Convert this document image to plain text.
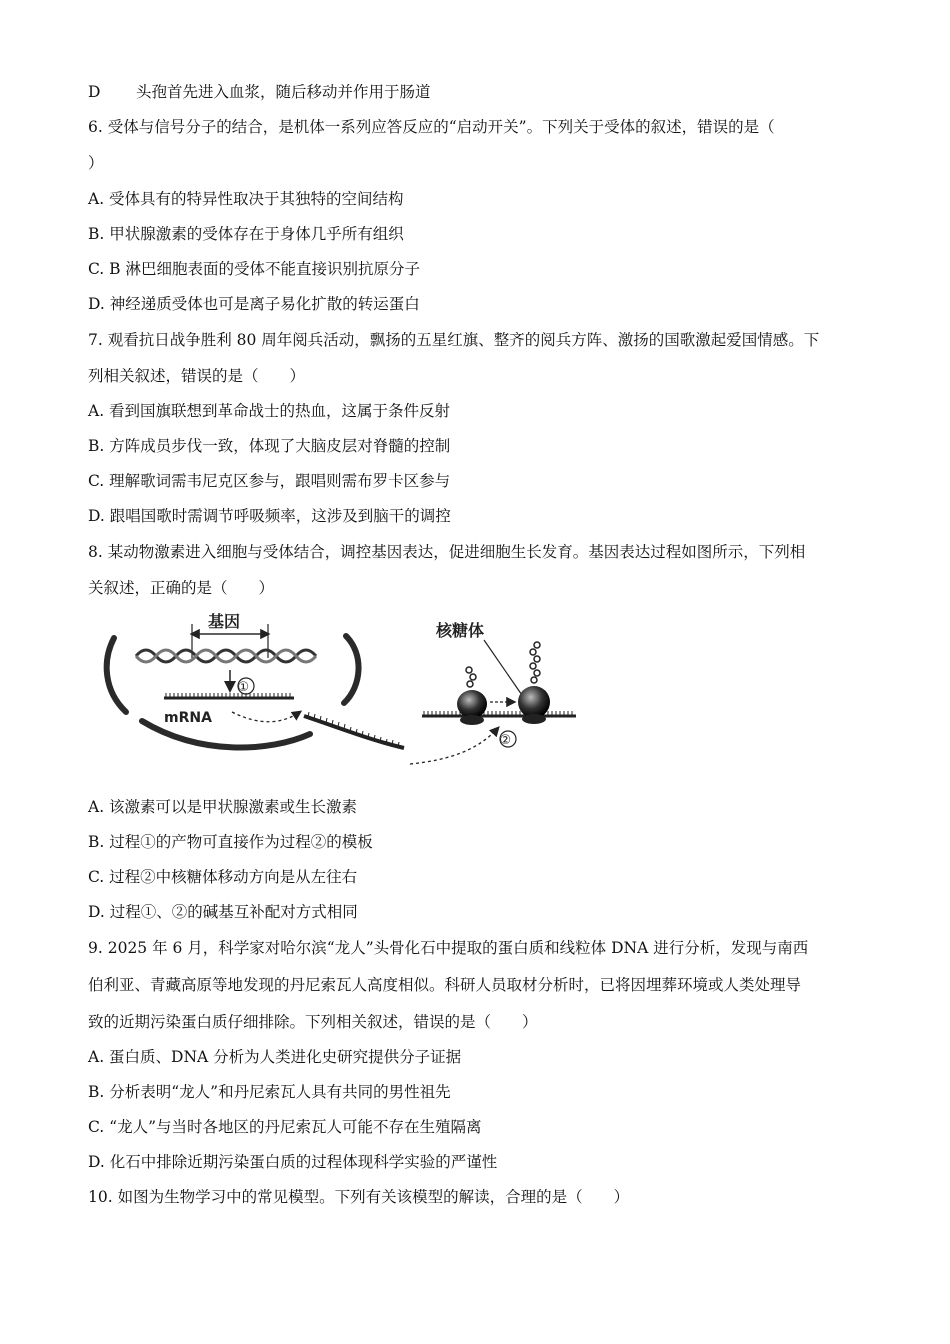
D 头孢首先进入血浆，随后移动并作用于肠道
6. 受体与信号分子的结合，是机体一系列应答反应的“启动开关”。下列关于受体的叙述，错误的是（
）
A. 受体具有的特异性取决于其独特的空间结构
B. 甲状腺激素的受体存在于身体几乎所有组织
C. B 淋巴细胞表面的受体不能直接识别抗原分子
D. 神经递质受体也可是离子易化扩散的转运蛋白
7. 观看抗日战争胜利 80 周年阅兵活动，飘扬的五星红旗、整齐的阅兵方阵、激扬的国歌激起爱国情感。下
列相关叙述，错误的是（　　）
A. 看到国旗联想到革命战士的热血，这属于条件反射
B. 方阵成员步伐一致，体现了大脑皮层对脊髓的控制
C. 理解歌词需韦尼克区参与，跟唱则需布罗卡区参与
D. 跟唱国歌时需调节呼吸频率，这涉及到脑干的调控
8. 某动物激素进入细胞与受体结合，调控基因表达，促进细胞生长发育。基因表达过程如图所示，下列相
关叙述，正确的是（　　）
基因
①
mRNA
②
核糖体
A. 该激素可以是甲状腺激素或生长激素
B. 过程①的产物可直接作为过程②的模板
C. 过程②中核糖体移动方向是从左往右
D. 过程①、②的碱基互补配对方式相同
9. 2025 年 6 月，科学家对哈尔滨“龙人”头骨化石中提取的蛋白质和线粒体 DNA 进行分析，发现与南西
伯利亚、青藏高原等地发现的丹尼索瓦人高度相似。科研人员取材分析时，已将因埋葬环境或人类处理导
致的近期污染蛋白质仔细排除。下列相关叙述，错误的是（　　）
A. 蛋白质、DNA 分析为人类进化史研究提供分子证据
B. 分析表明“龙人”和丹尼索瓦人具有共同的男性祖先
C. “龙人”与当时各地区的丹尼索瓦人可能不存在生殖隔离
D. 化石中排除近期污染蛋白质的过程体现科学实验的严谨性
10. 如图为生物学习中的常见模型。下列有关该模型的解读，合理的是（　　）
